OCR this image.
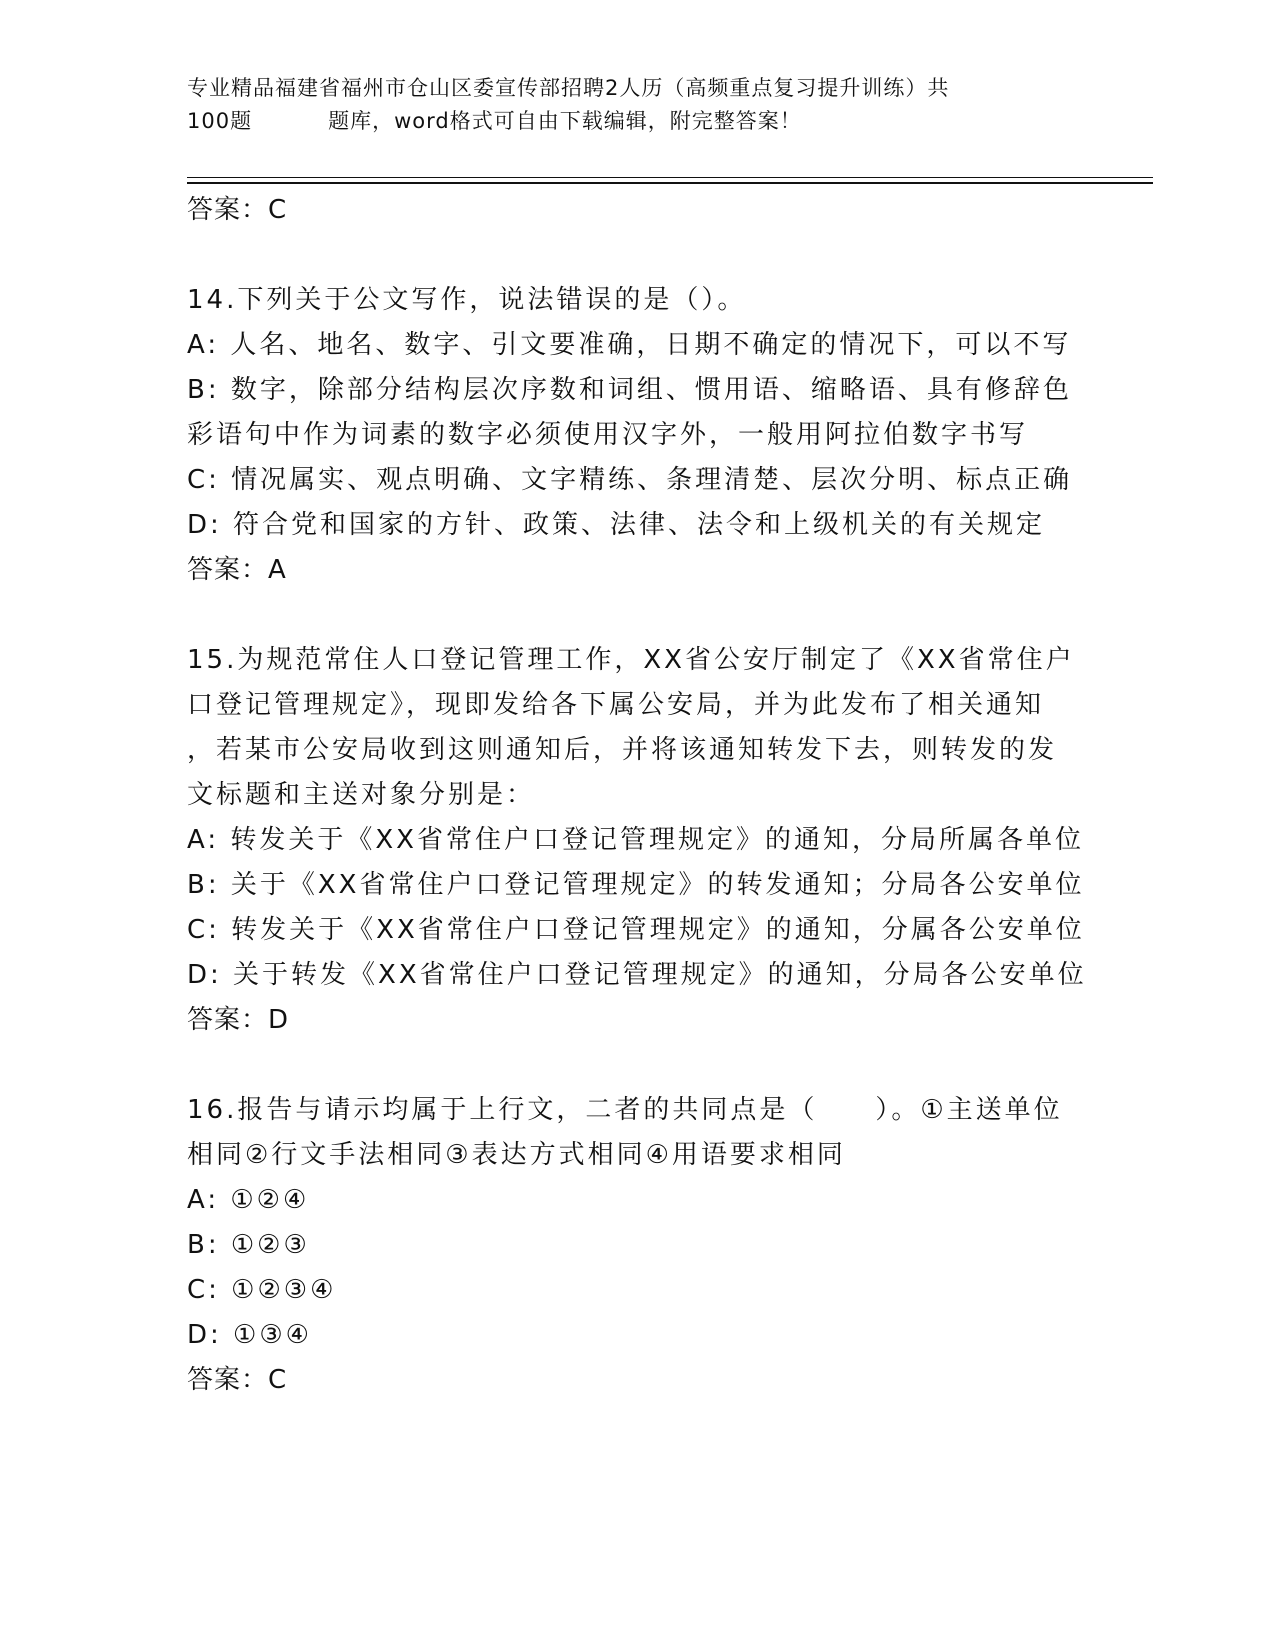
专业精品福建省福州市仓山区委宣传部招聘2人历（高频重点复习提升训练）共
100题	题库，word格式可自由下载编辑，附完整答案！
答案：C
14.下列关于公文写作，说法错误的是（）。
A: 人名、地名、数字、引文要准确，日期不确定的情况下，可以不写
B: 数字，除部分结构层次序数和词组、惯用语、缩略语、具有修辞色
彩语句中作为词素的数字必须使用汉字外，一般用阿拉伯数字书写
C: 情况属实、观点明确、文字精练、条理清楚、层次分明、标点正确
D: 符合党和国家的方针、政策、法律、法令和上级机关的有关规定
答案：A
15.为规范常住人口登记管理工作，XX省公安厅制定了《XX省常住户
口登记管理规定》，现即发给各下属公安局，并为此发布了相关通知
，若某市公安局收到这则通知后，并将该通知转发下去，则转发的发
文标题和主送对象分别是：
A: 转发关于《XX省常住户口登记管理规定》的通知，分局所属各单位
B: 关于《XX省常住户口登记管理规定》的转发通知；分局各公安单位
C: 转发关于《XX省常住户口登记管理规定》的通知，分属各公安单位
D: 关于转发《XX省常住户口登记管理规定》的通知，分局各公安单位
答案：D
16.报告与请示均属于上行文，二者的共同点是（　　）。①主送单位
相同②行文手法相同③表达方式相同④用语要求相同
A: ①②④
B: ①②③
C: ①②③④
D: ①③④
答案：C
